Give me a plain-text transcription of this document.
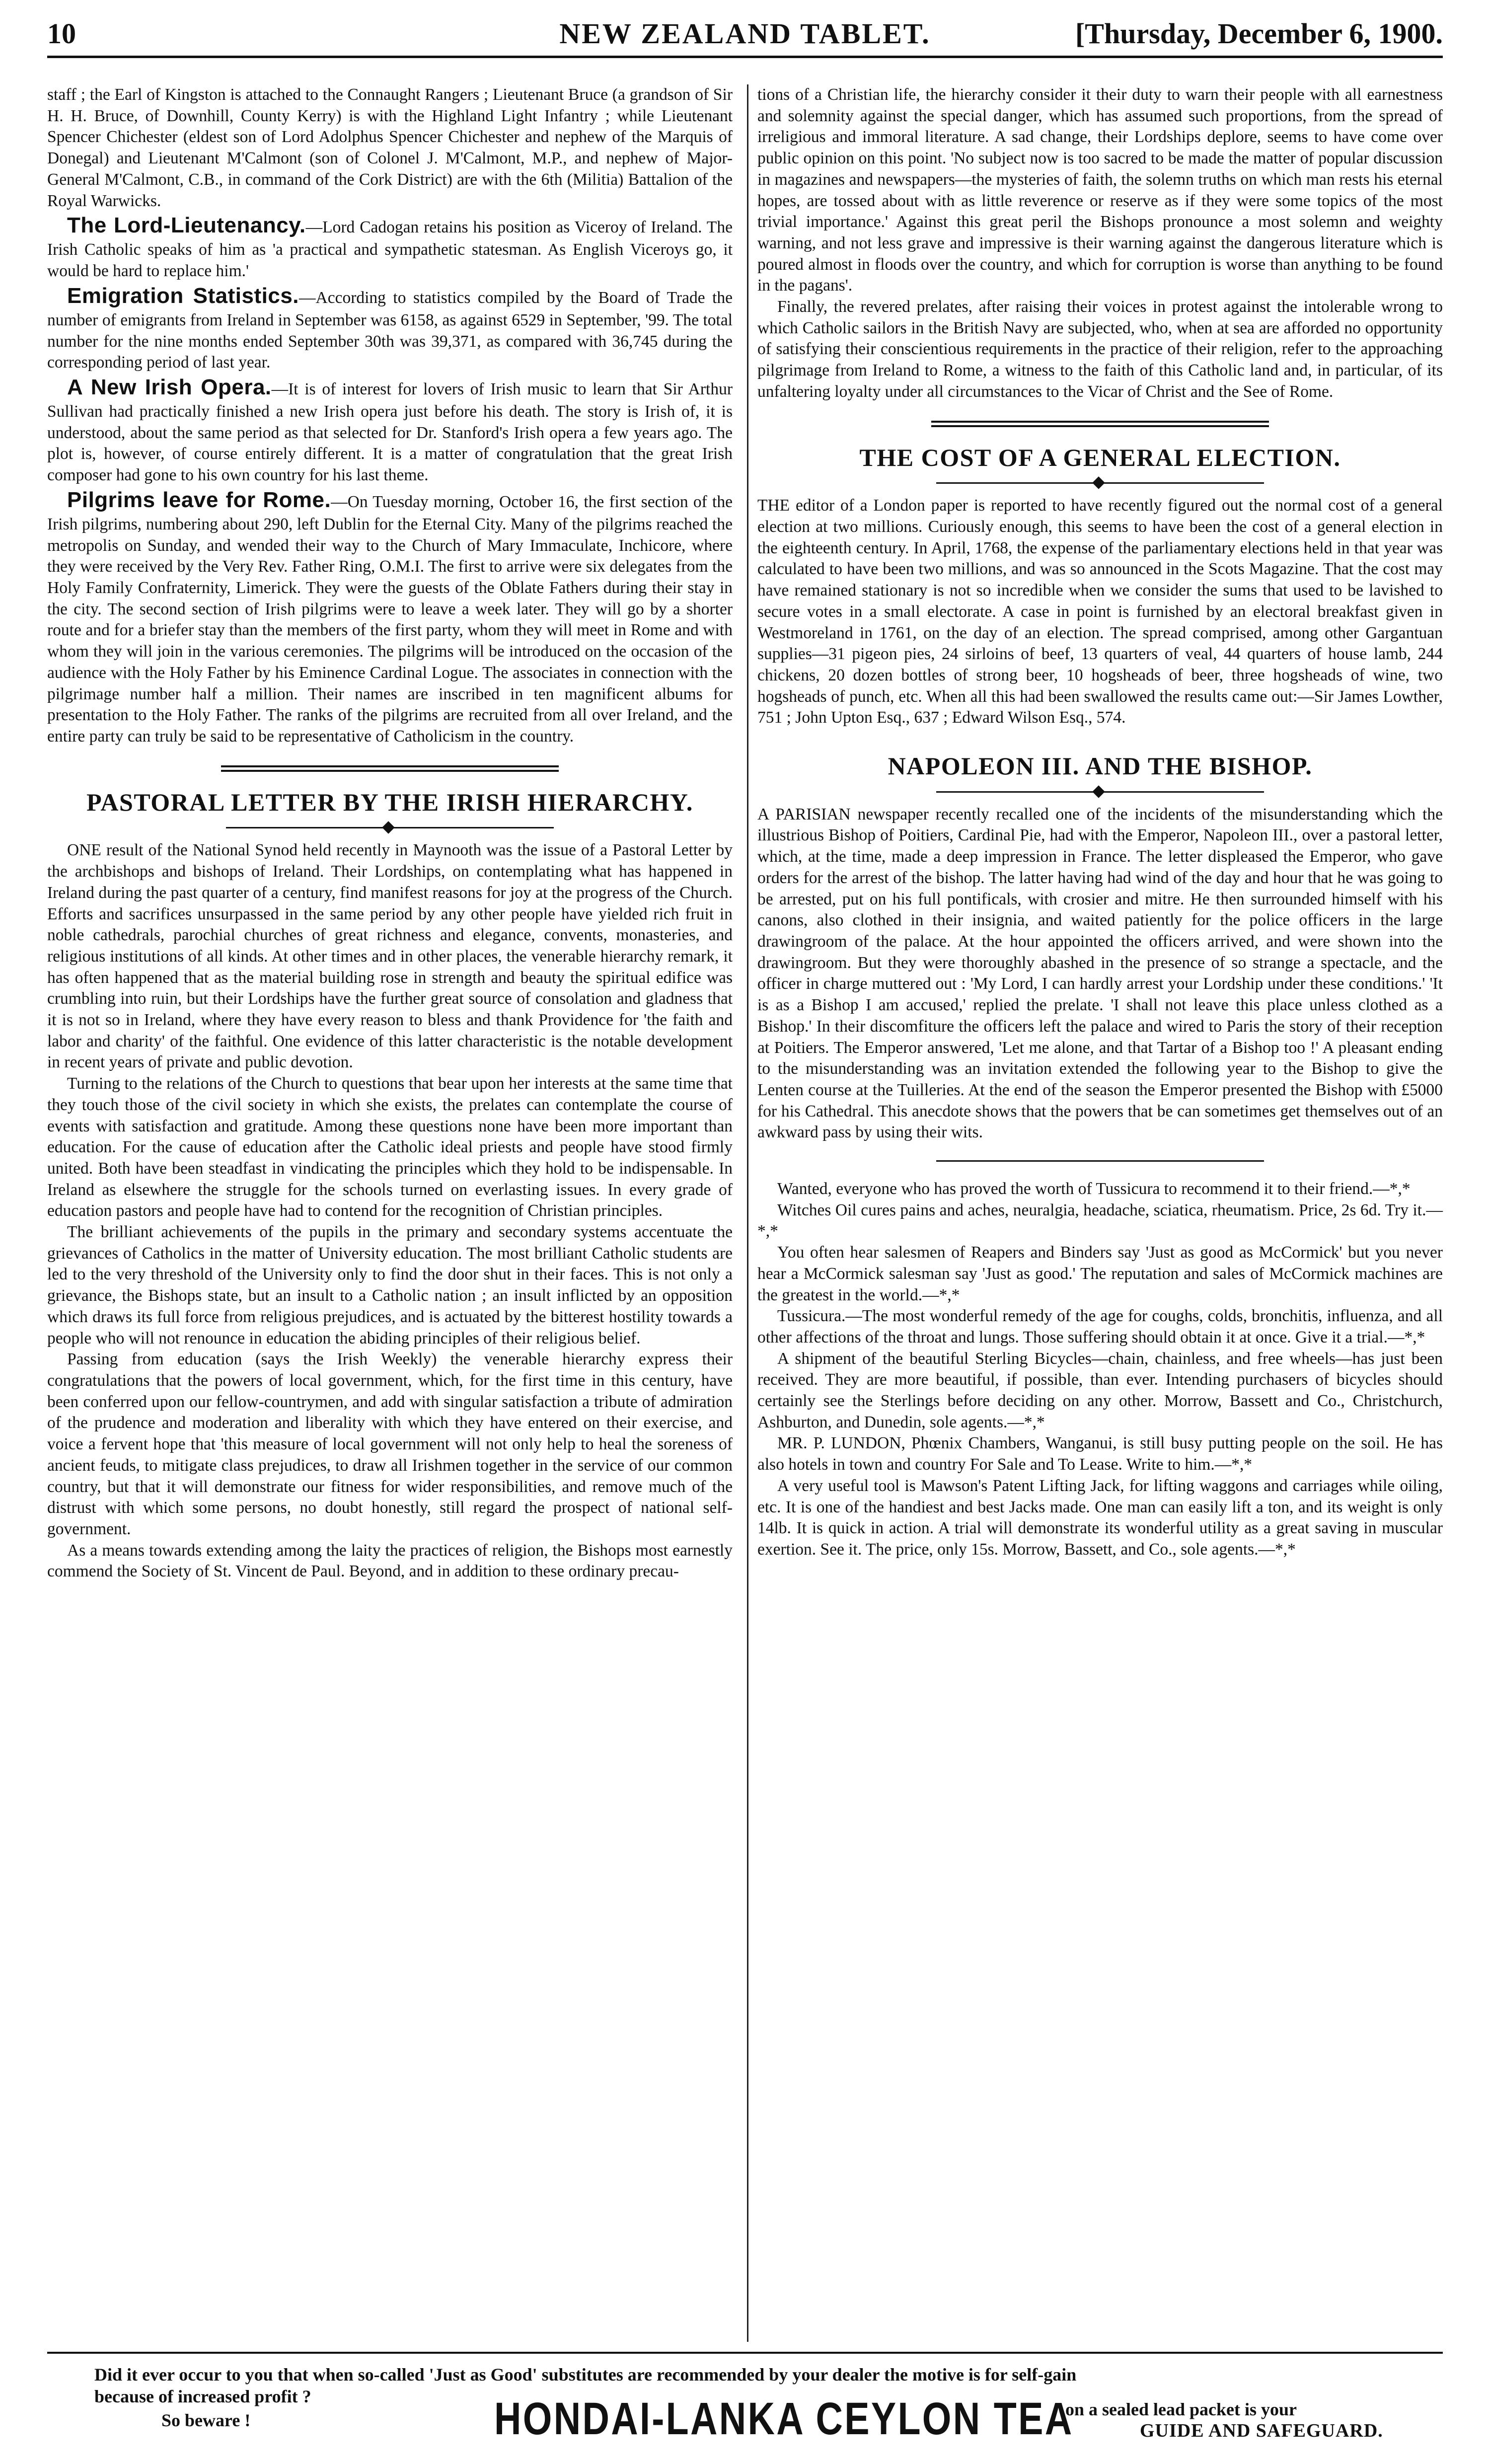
10	NEW ZEALAND TABLET.	[Thursday, December 6, 1900.

staff ; the Earl of Kingston is attached to the Connaught Rangers ; Lieutenant Bruce (a grandson of Sir H. H. Bruce, of Downhill, County Kerry) is with the Highland Light Infantry ; while Lieutenant Spencer Chichester (eldest son of Lord Adolphus Spencer Chichester and nephew of the Marquis of Donegal) and Lieutenant M'Calmont (son of Colonel J. M'Calmont, M.P., and nephew of Major-General M'Calmont, C.B., in command of the Cork District) are with the 6th (Militia) Battalion of the Royal Warwicks.

The Lord-Lieutenancy.—Lord Cadogan retains his position as Viceroy of Ireland. The Irish Catholic speaks of him as 'a practical and sympathetic statesman. As English Viceroys go, it would be hard to replace him.'

Emigration Statistics.—According to statistics compiled by the Board of Trade the number of emigrants from Ireland in September was 6158, as against 6529 in September, '99. The total number for the nine months ended September 30th was 39,371, as compared with 36,745 during the corresponding period of last year.

A New Irish Opera.—It is of interest for lovers of Irish music to learn that Sir Arthur Sullivan had practically finished a new Irish opera just before his death. The story is Irish of, it is understood, about the same period as that selected for Dr. Stanford's Irish opera a few years ago. The plot is, however, of course entirely different. It is a matter of congratulation that the great Irish composer had gone to his own country for his last theme.

Pilgrims leave for Rome.—On Tuesday morning, October 16, the first section of the Irish pilgrims, numbering about 290, left Dublin for the Eternal City. Many of the pilgrims reached the metropolis on Sunday, and wended their way to the Church of Mary Immaculate, Inchicore, where they were received by the Very Rev. Father Ring, O.M.I. The first to arrive were six delegates from the Holy Family Confraternity, Limerick. They were the guests of the Oblate Fathers during their stay in the city. The second section of Irish pilgrims were to leave a week later. They will go by a shorter route and for a briefer stay than the members of the first party, whom they will meet in Rome and with whom they will join in the various ceremonies. The pilgrims will be introduced on the occasion of the audience with the Holy Father by his Eminence Cardinal Logue. The associates in connection with the pilgrimage number half a million. Their names are inscribed in ten magnificent albums for presentation to the Holy Father. The ranks of the pilgrims are recruited from all over Ireland, and the entire party can truly be said to be representative of Catholicism in the country.

PASTORAL LETTER BY THE IRISH HIERARCHY.

ONE result of the National Synod held recently in Maynooth was the issue of a Pastoral Letter by the archbishops and bishops of Ireland. Their Lordships, on contemplating what has happened in Ireland during the past quarter of a century, find manifest reasons for joy at the progress of the Church. Efforts and sacrifices unsurpassed in the same period by any other people have yielded rich fruit in noble cathedrals, parochial churches of great richness and elegance, convents, monasteries, and religious institutions of all kinds. At other times and in other places, the venerable hierarchy remark, it has often happened that as the material building rose in strength and beauty the spiritual edifice was crumbling into ruin, but their Lordships have the further great source of consolation and gladness that it is not so in Ireland, where they have every reason to bless and thank Providence for 'the faith and labor and charity' of the faithful. One evidence of this latter characteristic is the notable development in recent years of private and public devotion.

Turning to the relations of the Church to questions that bear upon her interests at the same time that they touch those of the civil society in which she exists, the prelates can contemplate the course of events with satisfaction and gratitude. Among these questions none have been more important than education. For the cause of education after the Catholic ideal priests and people have stood firmly united. Both have been steadfast in vindicating the principles which they hold to be indispensable. In Ireland as elsewhere the struggle for the schools turned on everlasting issues. In every grade of education pastors and people have had to contend for the recognition of Christian principles.

The brilliant achievements of the pupils in the primary and secondary systems accentuate the grievances of Catholics in the matter of University education. The most brilliant Catholic students are led to the very threshold of the University only to find the door shut in their faces. This is not only a grievance, the Bishops state, but an insult to a Catholic nation ; an insult inflicted by an opposition which draws its full force from religious prejudices, and is actuated by the bitterest hostility towards a people who will not renounce in education the abiding principles of their religious belief.

Passing from education (says the Irish Weekly) the venerable hierarchy express their congratulations that the powers of local government, which, for the first time in this century, have been conferred upon our fellow-countrymen, and add with singular satisfaction a tribute of admiration of the prudence and moderation and liberality with which they have entered on their exercise, and voice a fervent hope that 'this measure of local government will not only help to heal the soreness of ancient feuds, to mitigate class prejudices, to draw all Irishmen together in the service of our common country, but that it will demonstrate our fitness for wider responsibilities, and remove much of the distrust with which some persons, no doubt honestly, still regard the prospect of national self-government.

As a means towards extending among the laity the practices of religion, the Bishops most earnestly commend the Society of St. Vincent de Paul. Beyond, and in addition to these ordinary precau-

tions of a Christian life, the hierarchy consider it their duty to warn their people with all earnestness and solemnity against the special danger, which has assumed such proportions, from the spread of irreligious and immoral literature. A sad change, their Lordships deplore, seems to have come over public opinion on this point. 'No subject now is too sacred to be made the matter of popular discussion in magazines and newspapers—the mysteries of faith, the solemn truths on which man rests his eternal hopes, are tossed about with as little reverence or reserve as if they were some topics of the most trivial importance.' Against this great peril the Bishops pronounce a most solemn and weighty warning, and not less grave and impressive is their warning against the dangerous literature which is poured almost in floods over the country, and which for corruption is worse than anything to be found in the pagans'.

Finally, the revered prelates, after raising their voices in protest against the intolerable wrong to which Catholic sailors in the British Navy are subjected, who, when at sea are afforded no opportunity of satisfying their conscientious requirements in the practice of their religion, refer to the approaching pilgrimage from Ireland to Rome, a witness to the faith of this Catholic land and, in particular, of its unfaltering loyalty under all circumstances to the Vicar of Christ and the See of Rome.

THE COST OF A GENERAL ELECTION.

THE editor of a London paper is reported to have recently figured out the normal cost of a general election at two millions. Curiously enough, this seems to have been the cost of a general election in the eighteenth century. In April, 1768, the expense of the parliamentary elections held in that year was calculated to have been two millions, and was so announced in the Scots Magazine. That the cost may have remained stationary is not so incredible when we consider the sums that used to be lavished to secure votes in a small electorate. A case in point is furnished by an electoral breakfast given in Westmoreland in 1761, on the day of an election. The spread comprised, among other Gargantuan supplies—31 pigeon pies, 24 sirloins of beef, 13 quarters of veal, 44 quarters of house lamb, 244 chickens, 20 dozen bottles of strong beer, 10 hogsheads of beer, three hogsheads of wine, two hogsheads of punch, etc. When all this had been swallowed the results came out:—Sir James Lowther, 751 ; John Upton Esq., 637 ; Edward Wilson Esq., 574.

NAPOLEON III. AND THE BISHOP.

A PARISIAN newspaper recently recalled one of the incidents of the misunderstanding which the illustrious Bishop of Poitiers, Cardinal Pie, had with the Emperor, Napoleon III., over a pastoral letter, which, at the time, made a deep impression in France. The letter displeased the Emperor, who gave orders for the arrest of the bishop. The latter having had wind of the day and hour that he was going to be arrested, put on his full pontificals, with crosier and mitre. He then surrounded himself with his canons, also clothed in their insignia, and waited patiently for the police officers in the large drawingroom of the palace. At the hour appointed the officers arrived, and were shown into the drawingroom. But they were thoroughly abashed in the presence of so strange a spectacle, and the officer in charge muttered out : 'My Lord, I can hardly arrest your Lordship under these conditions.' 'It is as a Bishop I am accused,' replied the prelate. 'I shall not leave this place unless clothed as a Bishop.' In their discomfiture the officers left the palace and wired to Paris the story of their reception at Poitiers. The Emperor answered, 'Let me alone, and that Tartar of a Bishop too !' A pleasant ending to the misunderstanding was an invitation extended the following year to the Bishop to give the Lenten course at the Tuilleries. At the end of the season the Emperor presented the Bishop with £5000 for his Cathedral. This anecdote shows that the powers that be can sometimes get themselves out of an awkward pass by using their wits.

Wanted, everyone who has proved the worth of Tussicura to recommend it to their friend.—*,*

Witches Oil cures pains and aches, neuralgia, headache, sciatica, rheumatism. Price, 2s 6d. Try it.—*,*

You often hear salesmen of Reapers and Binders say 'Just as good as McCormick' but you never hear a McCormick salesman say 'Just as good.' The reputation and sales of McCormick machines are the greatest in the world.—*,*

Tussicura.—The most wonderful remedy of the age for coughs, colds, bronchitis, influenza, and all other affections of the throat and lungs. Those suffering should obtain it at once. Give it a trial.—*,*

A shipment of the beautiful Sterling Bicycles—chain, chainless, and free wheels—has just been received. They are more beautiful, if possible, than ever. Intending purchasers of bicycles should certainly see the Sterlings before deciding on any other. Morrow, Bassett and Co., Christchurch, Ashburton, and Dunedin, sole agents.—*,*

MR. P. LUNDON, Phœnix Chambers, Wanganui, is still busy putting people on the soil. He has also hotels in town and country For Sale and To Lease. Write to him.—*,*

A very useful tool is Mawson's Patent Lifting Jack, for lifting waggons and carriages while oiling, etc. It is one of the handiest and best Jacks made. One man can easily lift a ton, and its weight is only 14lb. It is quick in action. A trial will demonstrate its wonderful utility as a great saving in muscular exertion. See it. The price, only 15s. Morrow, Bassett, and Co., sole agents.—*,*

Did it ever occur to you that when so-called 'Just as Good' substitutes are recommended by your dealer the motive is for self-gain
because of increased profit ?
So beware !	HONDAI-LANKA CEYLON TEA
on a sealed lead packet is your
GUIDE AND SAFEGUARD.
